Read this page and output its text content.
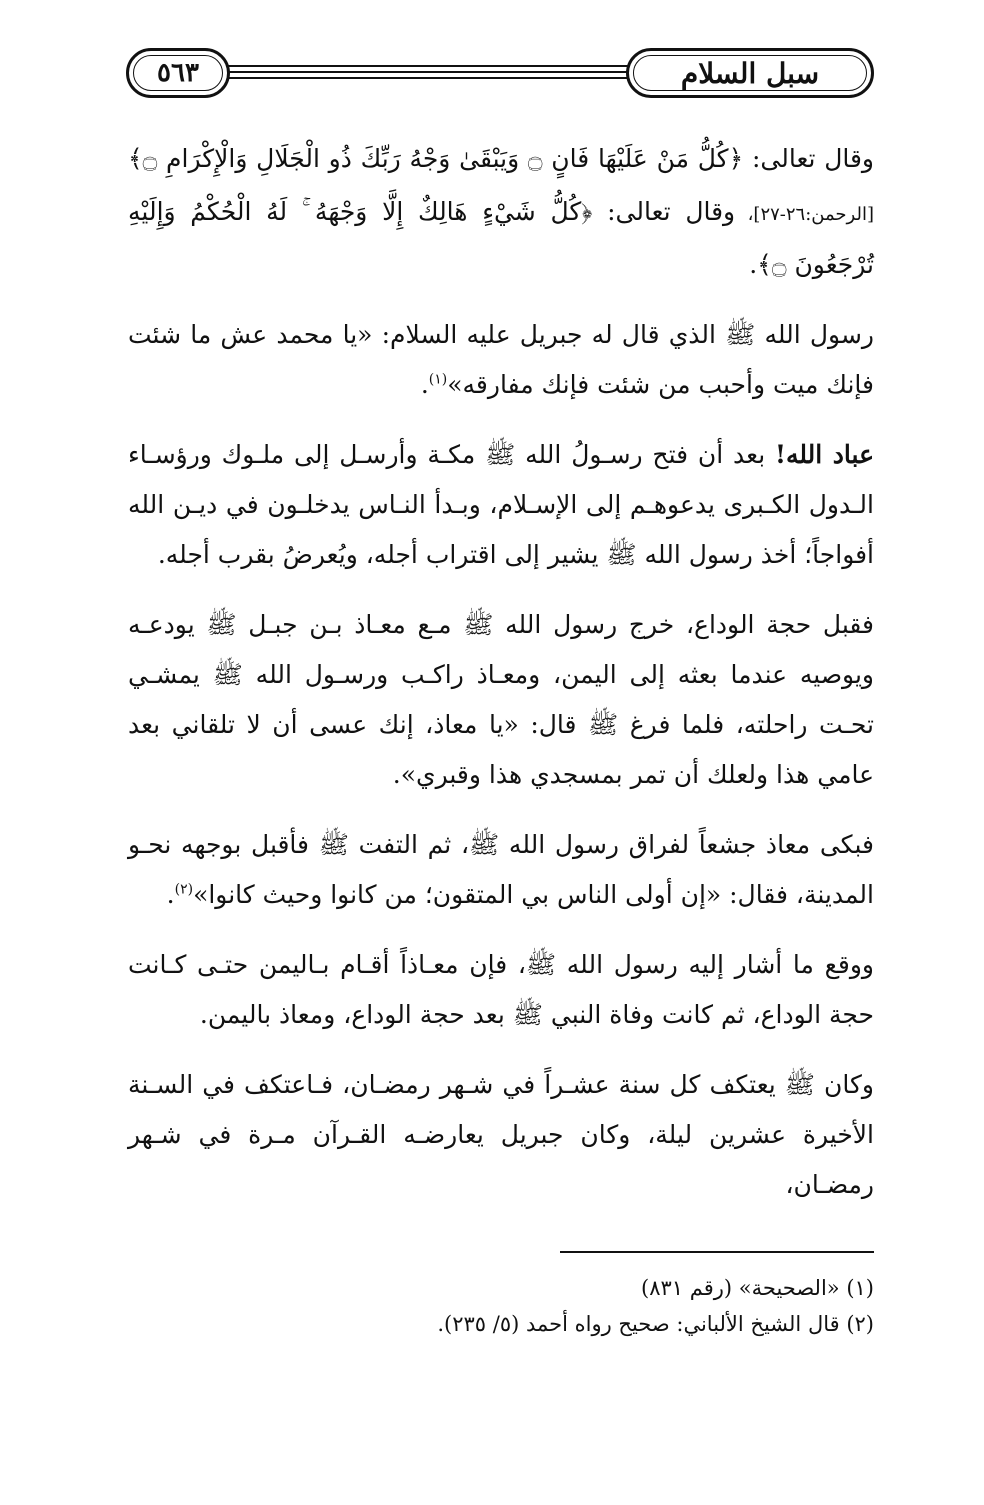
٥٦٣	سبل السلام

وقال تعالى: ﴿كُلُّ مَنْ عَلَيْهَا فَانٍ ۝ وَيَبْقَىٰ وَجْهُ رَبِّكَ ذُو الْجَلَالِ وَالْإِكْرَامِ ۝﴾ [الرحمن:٢٦-٢٧]، وقال تعالى: ﴿كُلُّ شَيْءٍ هَالِكٌ إِلَّا وَجْهَهُ ۚ لَهُ الْحُكْمُ وَإِلَيْهِ تُرْجَعُونَ ۝﴾.

رسول الله ﷺ الذي قال له جبريل عليه السلام: «يا محمد عش ما شئت فإنك ميت وأحبب من شئت فإنك مفارقه»$^{(١)}$.

عباد الله! بعد أن فتح رسـولُ الله ﷺ مكـة وأرسـل إلى ملـوك ورؤسـاء الـدول الكـبرى يدعوهـم إلى الإسـلام، وبـدأ النـاس يدخلـون في ديـن الله أفواجاً؛ أخذ رسول الله ﷺ يشير إلى اقتراب أجله، ويُعرضُ بقرب أجله.

فقبل حجة الوداع، خرج رسول الله ﷺ مـع معـاذ بـن جبـل ﷺ يودعـه ويوصيه عندما بعثه إلى اليمن، ومعـاذ راكـب ورسـول الله ﷺ يمشـي تحـت راحلته، فلما فرغ ﷺ قال: «يا معاذ، إنك عسى أن لا تلقاني بعد عامي هذا ولعلك أن تمر بمسجدي هذا وقبري».

فبكى معاذ جشعاً لفراق رسول الله ﷺ، ثم التفت ﷺ فأقبل بوجهه نحـو المدينة، فقال: «إن أولى الناس بي المتقون؛ من كانوا وحيث كانوا»$^{(٢)}$.

ووقع ما أشار إليه رسول الله ﷺ، فإن معـاذاً أقـام بـاليمن حتـى كـانت حجة الوداع، ثم كانت وفاة النبي ﷺ بعد حجة الوداع، ومعاذ باليمن.

وكان ﷺ يعتكف كل سنة عشـراً في شـهر رمضـان، فـاعتكف في السـنة الأخيرة عشرين ليلة، وكان جبريل يعارضـه القـرآن مـرة في شـهر رمضـان،

(١) «الصحيحة» (رقم ٨٣١)

(٢) قال الشيخ الألباني: صحيح رواه أحمد (٥/ ٢٣٥).
